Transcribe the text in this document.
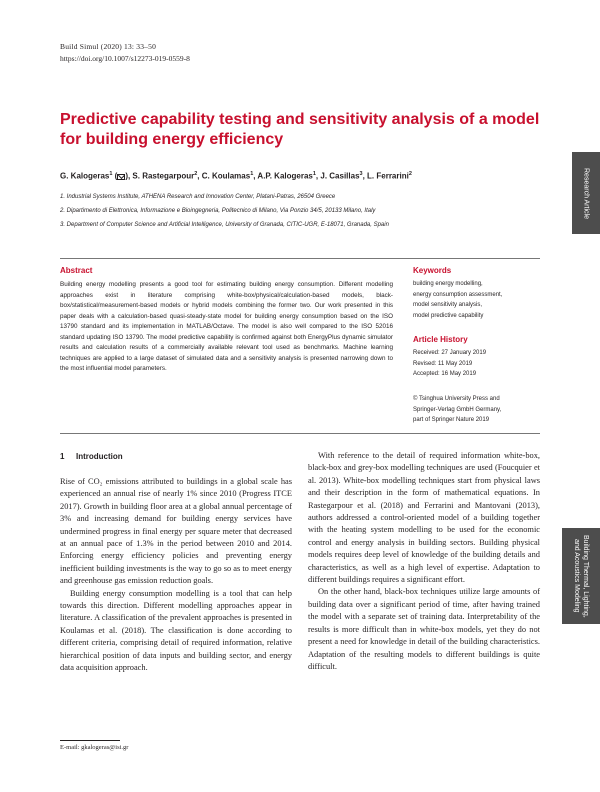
Build Simul (2020) 13: 33–50
https://doi.org/10.1007/s12273-019-0559-8
Predictive capability testing and sensitivity analysis of a model for building energy efficiency
G. Kalogeras$^1$ ( ), S. Rastegarpour$^2$, C. Koulamas$^1$, A.P. Kalogeras$^1$, J. Casillas$^3$, L. Ferrarini$^2$
1. Industrial Systems Institute, ATHENA Research and Innovation Center, Platani-Patras, 26504 Greece
2. Dipartimento di Elettronica, Informazione e Bioingegneria, Politecnico di Milano, Via Ponzio 34/5, 20133 Milano, Italy
3. Department of Computer Science and Artificial Intelligence, University of Granada, CITIC-UGR, E-18071, Granada, Spain
Abstract
Building energy modelling presents a good tool for estimating building energy consumption. Different modelling approaches exist in literature comprising white-box/physical/calculation-based models, black-box/statistical/measurement-based models or hybrid models combining the former two. Our work presented in this paper deals with a calculation-based quasi-steady-state model for building energy consumption based on the ISO 13790 standard and its implementation in MATLAB/Octave. The model is also well compared to the ISO 52016 standard updating ISO 13790. The model predictive capability is confirmed against both EnergyPlus dynamic simulator results and calculation results of a commercially available relevant tool used as benchmarks. Machine learning techniques are applied to a large dataset of simulated data and a sensitivity analysis is presented narrowing down to the most influential model parameters.
Keywords
building energy modelling,
energy consumption assessment,
model sensitivity analysis,
model predictive capability
Article History
Received: 27 January 2019
Revised: 11 May 2019
Accepted: 16 May 2019
© Tsinghua University Press and
Springer-Verlag GmbH Germany,
part of Springer Nature 2019
1 Introduction

Rise of CO₂ emissions attributed to buildings in a global scale has experienced an annual rise of nearly 1% since 2010 (Progress ITCE 2017). Growth in building floor area at a global annual percentage of 3% and increasing demand for building energy services have undermined progress in final energy per square meter that decreased at an annual pace of 1.3% in the period between 2010 and 2014. Enforcing energy efficiency policies and preventing energy inefficient building investments is the way to go so as to meet energy and greenhouse gas emission reduction goals.

Building energy consumption modelling is a tool that can help towards this direction. Different modelling approaches appear in literature. A classification of the prevalent approaches is presented in Koulamas et al. (2018). The classification is done according to different criteria, comprising detail of required information, relative hierarchical position of data inputs and building sector, and energy data acquisition approach.

With reference to the detail of required information white-box, black-box and grey-box modelling techniques are used (Foucquier et al. 2013). White-box modelling techniques start from physical laws and their description in the form of mathematical equations. In Rastegarpour et al. (2018) and Ferrarini and Mantovani (2013), authors addressed a control-oriented model of a building together with the heating system modelling to be used for the economic control and energy analysis in building sectors. Building physical models requires deep level of knowledge of the building details and characteristics, as well as a high level of expertise. Adaptation to different buildings requires a significant effort.

On the other hand, black-box techniques utilize large amounts of building data over a significant period of time, after having trained the model with a separate set of training data. Interpretability of the results is more difficult than in white-box models, yet they do not present a need for knowledge in detail of the building characteristics. Adaptation of the resulting models to different buildings is quite difficult.

E-mail: gkalogeras@isi.gr
Research Article
Building Thermal, Lighting, and Acoustics Modeling
